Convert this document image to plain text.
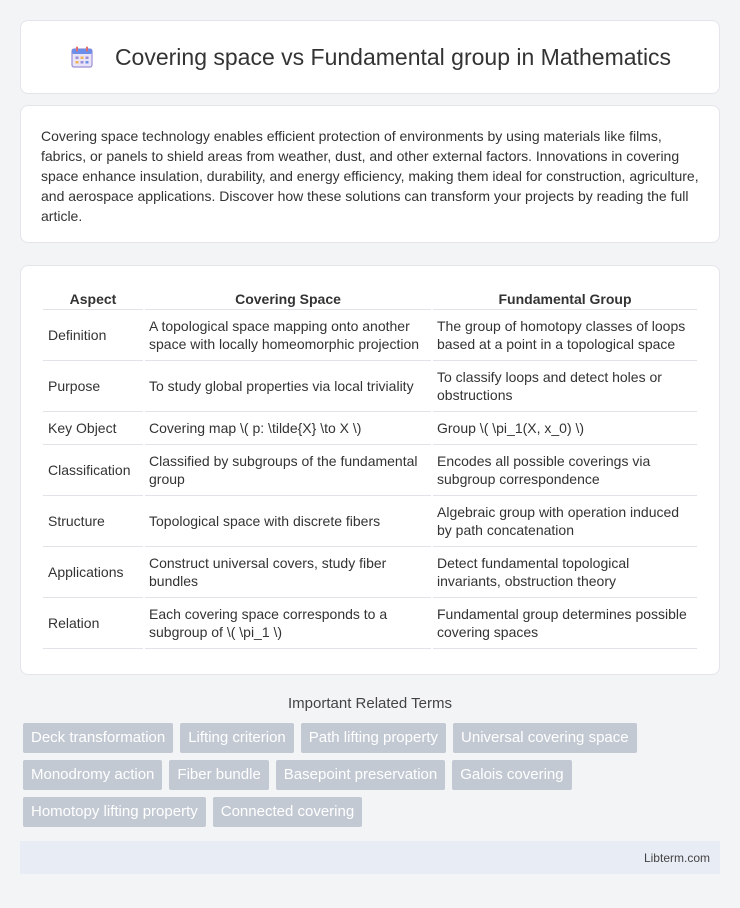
Covering space vs Fundamental group in Mathematics

Covering space technology enables efficient protection of environments by using materials like films, fabrics, or panels to shield areas from weather, dust, and other external factors. Innovations in covering space enhance insulation, durability, and energy efficiency, making them ideal for construction, agriculture, and aerospace applications. Discover how these solutions can transform your projects by reading the full article.

Aspect	Covering Space	Fundamental Group
Definition	A topological space mapping onto another space with locally homeomorphic projection	The group of homotopy classes of loops based at a point in a topological space
Purpose	To study global properties via local triviality	To classify loops and detect holes or obstructions
Key Object	Covering map \( p: \tilde{X} \to X \)	Group \( \pi_1(X, x_0) \)
Classification	Classified by subgroups of the fundamental group	Encodes all possible coverings via subgroup correspondence
Structure	Topological space with discrete fibers	Algebraic group with operation induced by path concatenation
Applications	Construct universal covers, study fiber bundles	Detect fundamental topological invariants, obstruction theory
Relation	Each covering space corresponds to a subgroup of \( \pi_1 \)	Fundamental group determines possible covering spaces
Important Related Terms
Deck transformation	Lifting criterion	Path lifting property	Universal covering space
Monodromy action	Fiber bundle	Basepoint preservation	Galois covering
Homotopy lifting property	Connected covering
Libterm.com
